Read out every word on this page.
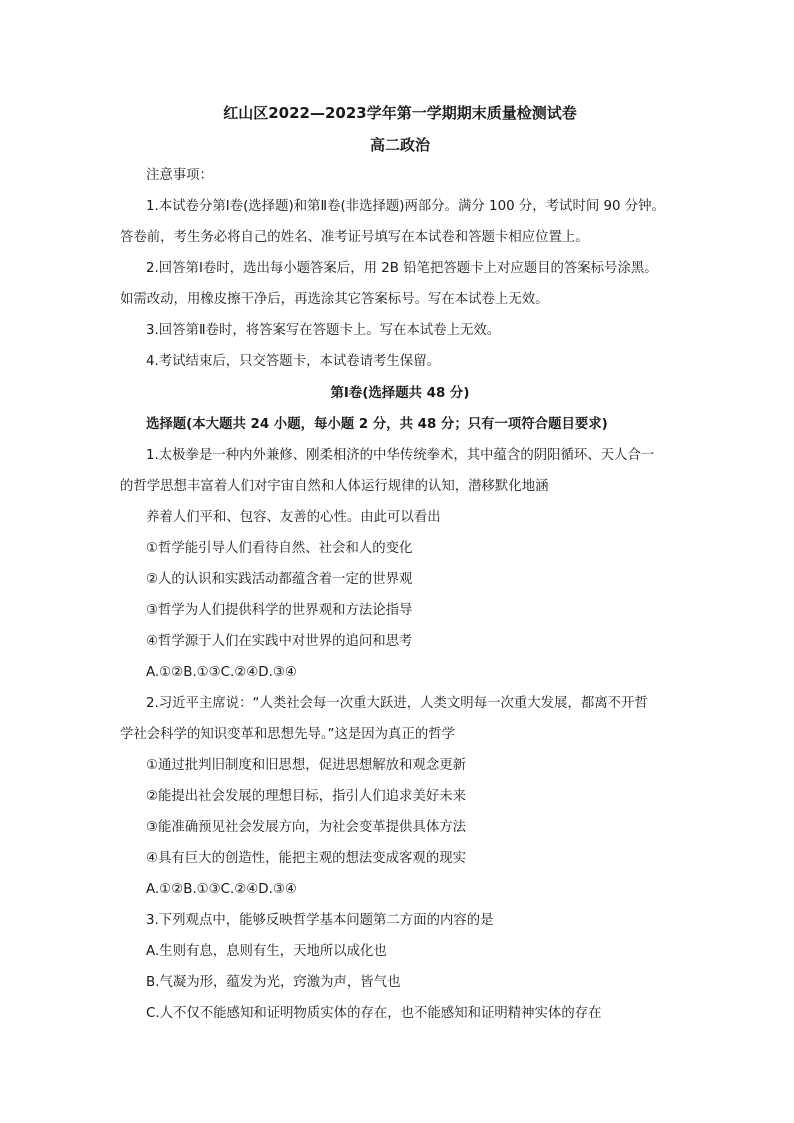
红山区2022—2023学年第一学期期末质量检测试卷
高二政治
注意事项：
1.本试卷分第Ⅰ卷(选择题)和第Ⅱ卷(非选择题)两部分。满分 100 分，考试时间 90 分钟。
答卷前，考生务必将自己的姓名、准考证号填写在本试卷和答题卡相应位置上。
2.回答第Ⅰ卷时，选出每小题答案后，用 2B 铅笔把答题卡上对应题目的答案标号涂黑。
如需改动，用橡皮擦干净后，再选涂其它答案标号。写在本试卷上无效。
3.回答第Ⅱ卷时，将答案写在答题卡上。写在本试卷上无效。
4.考试结束后，只交答题卡，本试卷请考生保留。
第Ⅰ卷(选择题共 48 分)
选择题(本大题共 24 小题，每小题 2 分，共 48 分；只有一项符合题目要求)
1.太极拳是一种内外兼修、刚柔相济的中华传统拳术，其中蕴含的阴阳循环、天人合一
的哲学思想丰富着人们对宇宙自然和人体运行规律的认知，潜移默化地涵
养着人们平和、包容、友善的心性。由此可以看出
①哲学能引导人们看待自然、社会和人的变化
②人的认识和实践活动都蕴含着一定的世界观
③哲学为人们提供科学的世界观和方法论指导
④哲学源于人们在实践中对世界的追问和思考
A.①②B.①③C.②④D.③④
2.习近平主席说：“人类社会每一次重大跃进，人类文明每一次重大发展，都离不开哲
学社会科学的知识变革和思想先导。”这是因为真正的哲学
①通过批判旧制度和旧思想，促进思想解放和观念更新
②能提出社会发展的理想目标，指引人们追求美好未来
③能准确预见社会发展方向，为社会变革提供具体方法
④具有巨大的创造性，能把主观的想法变成客观的现实
A.①②B.①③C.②④D.③④
3.下列观点中，能够反映哲学基本问题第二方面的内容的是
A.生则有息，息则有生，天地所以成化也
B.气凝为形，蕴发为光，窍激为声，皆气也
C.人不仅不能感知和证明物质实体的存在，也不能感知和证明精神实体的存在
